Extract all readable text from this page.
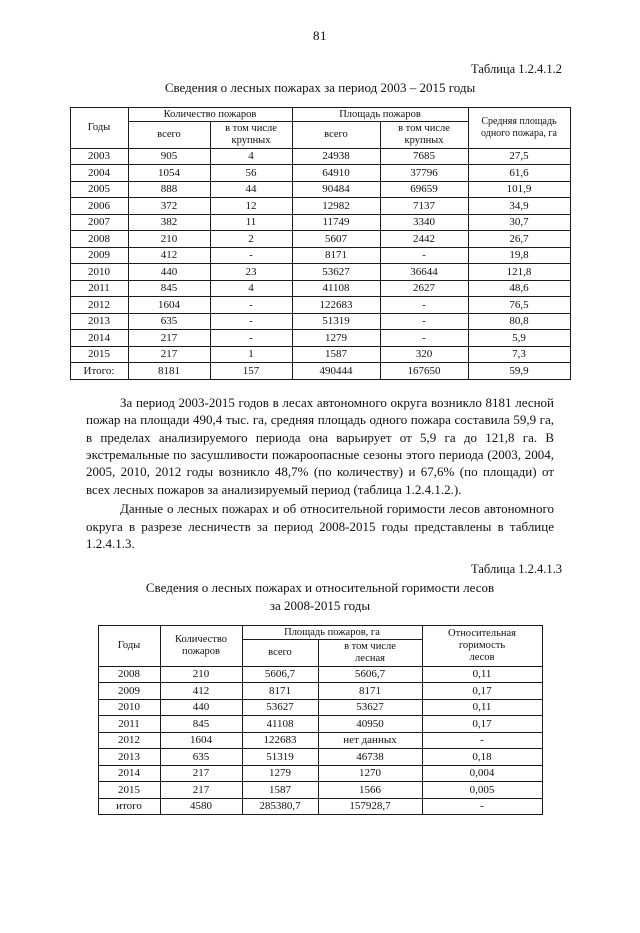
81
Таблица 1.2.4.1.2
Сведения о лесных пожарах за период 2003 – 2015 годы
Годы	Количество пожаров		Площадь пожаров		Средняя площадь
одного пожара, га
	всего	в том числе
крупных	всего	в том числе
крупных	
2003	905	4	24938	7685	27,5
2004	1054	56	64910	37796	61,6
2005	888	44	90484	69659	101,9
2006	372	12	12982	7137	34,9
2007	382	11	11749	3340	30,7
2008	210	2	5607	2442	26,7
2009	412	-	8171	-	19,8
2010	440	23	53627	36644	121,8
2011	845	4	41108	2627	48,6
2012	1604	-	122683	-	76,5
2013	635	-	51319	-	80,8
2014	217	-	1279	-	5,9
2015	217	1	1587	320	7,3
Итого:	8181	157	490444	167650	59,9

За период 2003-2015 годов в лесах автономного округа возникло 8181 лесной пожар на площади 490,4 тыс. га, средняя площадь одного пожара составила 59,9 га, в пределах анализируемого периода она варьирует от 5,9 га до 121,8 га. В экстремальные по засушливости пожароопасные сезоны этого периода (2003, 2004, 2005, 2010, 2012 годы возникло 48,7% (по количеству) и 67,6% (по площади) от всех лесных пожаров за анализируемый период (таблица 1.2.4.1.2.).

Данные о лесных пожарах и об относительной горимости лесов автономного округа в разрезе лесничеств за период 2008-2015 годы представлены в таблице 1.2.4.1.3.

Таблица 1.2.4.1.3
Сведения о лесных пожарах и относительной горимости лесов
за 2008-2015 годы
Годы	Количество
пожаров	Площадь пожаров, га		Относительная горимость
лесов
		всего	в том числе
лесная	
2008	210	5606,7	5606,7	0,11
2009	412	8171	8171	0,17
2010	440	53627	53627	0,11
2011	845	41108	40950	0,17
2012	1604	122683	нет данных	-
2013	635	51319	46738	0,18
2014	217	1279	1270	0,004
2015	217	1587	1566	0,005
итого	4580	285380,7	157928,7	-
